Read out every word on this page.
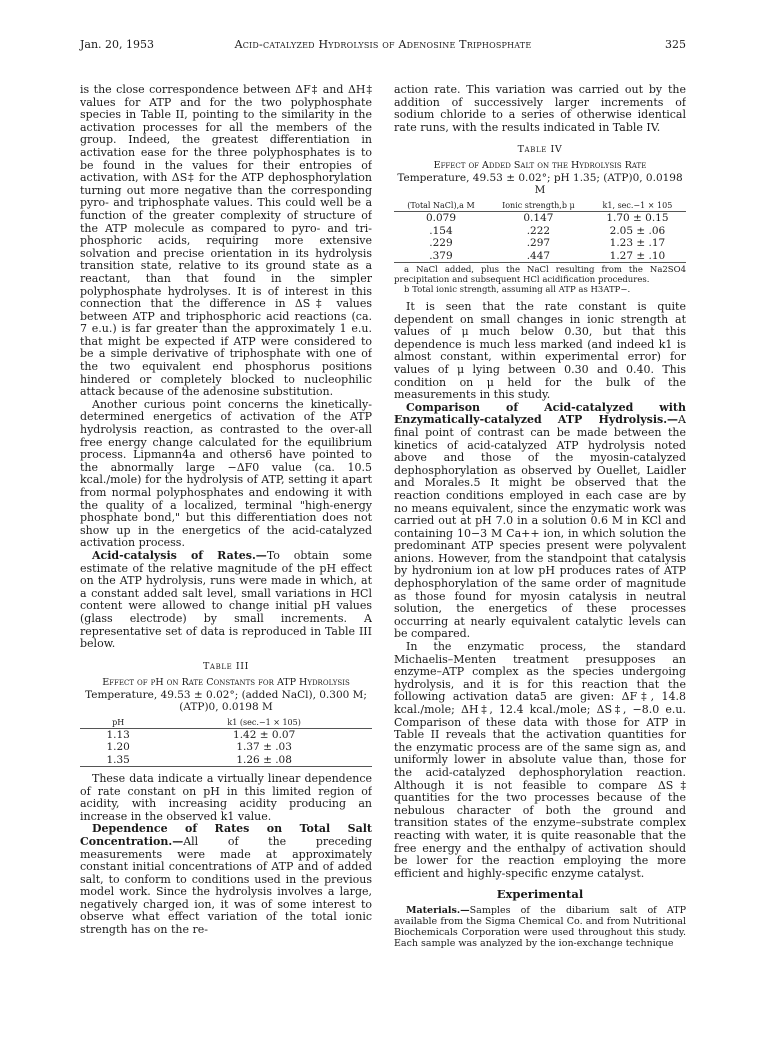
Jan. 20, 1953	Acid-catalyzed Hydrolysis of Adenosine Triphosphate	325

is the close correspondence between ΔF‡ and ΔH‡ values for ATP and for the two polyphosphate species in Table II, pointing to the similarity in the activation processes for all the members of the group. Indeed, the greatest differentiation in activation ease for the three polyphosphates is to be found in the values for their entropies of activation, with ΔS‡ for the ATP dephosphorylation turning out more negative than the corresponding pyro- and triphosphate values. This could well be a function of the greater complexity of structure of the ATP molecule as compared to pyro- and tri-phosphoric acids, requiring more extensive solvation and precise orientation in its hydrolysis transition state, relative to its ground state as a reactant, than that found in the simpler polyphosphate hydrolyses. It is of interest in this connection that the difference in ΔS‡ values between ATP and triphosphoric acid reactions (ca. 7 e.u.) is far greater than the approximately 1 e.u. that might be expected if ATP were considered to be a simple derivative of triphosphate with one of the two equivalent end phosphorus positions hindered or completely blocked to nucleophilic attack because of the adenosine substitution.

Another curious point concerns the kinetically-determined energetics of activation of the ATP hydrolysis reaction, as contrasted to the over-all free energy change calculated for the equilibrium process. Lipmann4a and others6 have pointed to the abnormally large −ΔF0 value (ca. 10.5 kcal./mole) for the hydrolysis of ATP, setting it apart from normal polyphosphates and endowing it with the quality of a localized, terminal "high-energy phosphate bond," but this differentiation does not show up in the energetics of the acid-catalyzed activation process.

Acid-catalysis of Rates.—To obtain some estimate of the relative magnitude of the pH effect on the ATP hydrolysis, runs were made in which, at a constant added salt level, small variations in HCl content were allowed to change initial pH values (glass electrode) by small increments. A representative set of data is reproduced in Table III below.

Table III
Effect of pH on Rate Constants for ATP Hydrolysis
Temperature, 49.53 ± 0.02°; (added NaCl), 0.300 M; (ATP)0, 0.0198 M
pH	k1 (sec.−1 × 105)
1.13	1.42 ± 0.07
1.20	1.37 ± .03
1.35	1.26 ± .08

These data indicate a virtually linear dependence of rate constant on pH in this limited region of acidity, with increasing acidity producing an increase in the observed k1 value.

Dependence of Rates on Total Salt Concentration.—All of the preceding measurements were made at approximately constant initial concentrations of ATP and of added salt, to conform to conditions used in the previous model work. Since the hydrolysis involves a large, negatively charged ion, it was of some interest to observe what effect variation of the total ionic strength has on the re-

action rate. This variation was carried out by the addition of successively larger increments of sodium chloride to a series of otherwise identical rate runs, with the results indicated in Table IV.

Table IV
Effect of Added Salt on the Hydrolysis Rate
Temperature, 49.53 ± 0.02°; pH 1.35; (ATP)0, 0.0198 M
(Total NaCl),a M	Ionic strength,b μ	k1, sec.−1 × 105
0.079	0.147	1.70 ± 0.15
.154	.222	2.05 ± .06
.229	.297	1.23 ± .17
.379	.447	1.27 ± .10

a NaCl added, plus the NaCl resulting from the Na2SO4 precipitation and subsequent HCl acidification procedures.

b Total ionic strength, assuming all ATP as H3ATP−.

It is seen that the rate constant is quite dependent on small changes in ionic strength at values of μ much below 0.30, but that this dependence is much less marked (and indeed k1 is almost constant, within experimental error) for values of μ lying between 0.30 and 0.40. This condition on μ held for the bulk of the measurements in this study.

Comparison of Acid-catalyzed with Enzymatically-catalyzed ATP Hydrolysis.—A final point of contrast can be made between the kinetics of acid-catalyzed ATP hydrolysis noted above and those of the myosin-catalyzed dephosphorylation as observed by Ouellet, Laidler and Morales.5 It might be observed that the reaction conditions employed in each case are by no means equivalent, since the enzymatic work was carried out at pH 7.0 in a solution 0.6 M in KCl and containing 10−3 M Ca++ ion, in which solution the predominant ATP species present were polyvalent anions. However, from the standpoint that catalysis by hydronium ion at low pH produces rates of ATP dephosphorylation of the same order of magnitude as those found for myosin catalysis in neutral solution, the energetics of these processes occurring at nearly equivalent catalytic levels can be compared.

In the enzymatic process, the standard Michaelis–Menten treatment presupposes an enzyme–ATP complex as the species undergoing hydrolysis, and it is for this reaction that the following activation data5 are given: ΔF‡, 14.8 kcal./mole; ΔH‡, 12.4 kcal./mole; ΔS‡, −8.0 e.u. Comparison of these data with those for ATP in Table II reveals that the activation quantities for the enzymatic process are of the same sign as, and uniformly lower in absolute value than, those for the acid-catalyzed dephosphorylation reaction. Although it is not feasible to compare ΔS‡ quantities for the two processes because of the nebulous character of both the ground and transition states of the enzyme–substrate complex reacting with water, it is quite reasonable that the free energy and the enthalpy of activation should be lower for the reaction employing the more efficient and highly-specific enzyme catalyst.

Experimental

Materials.—Samples of the dibarium salt of ATP available from the Sigma Chemical Co. and from Nutritional Biochemicals Corporation were used throughout this study. Each sample was analyzed by the ion-exchange technique
